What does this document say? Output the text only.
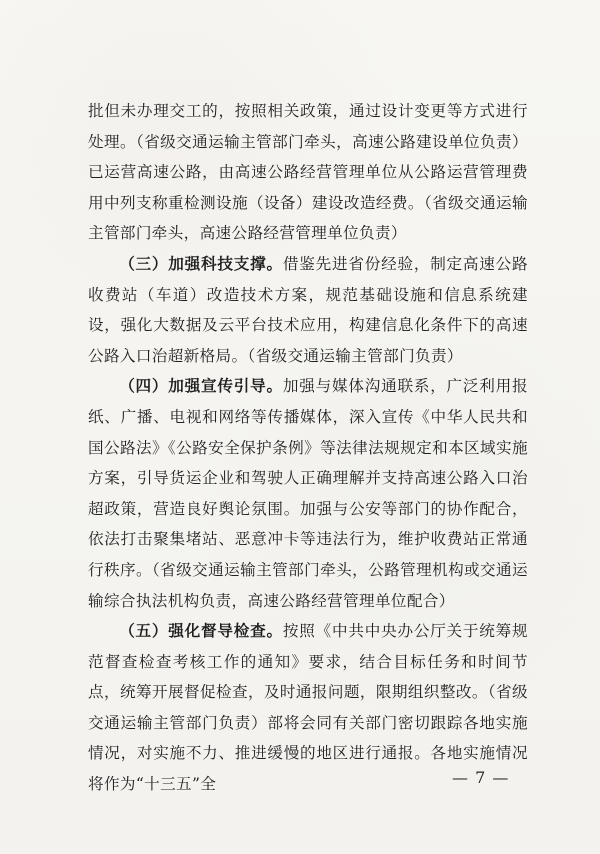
批但未办理交工的，按照相关政策，通过设计变更等方式进行处理。（省级交通运输主管部门牵头，高速公路建设单位负责）已运营高速公路，由高速公路经营管理单位从公路运营管理费用中列支称重检测设施（设备）建设改造经费。（省级交通运输主管部门牵头，高速公路经营管理单位负责）

（三）加强科技支撑。借鉴先进省份经验，制定高速公路收费站（车道）改造技术方案，规范基础设施和信息系统建设，强化大数据及云平台技术应用，构建信息化条件下的高速公路入口治超新格局。（省级交通运输主管部门负责）

（四）加强宣传引导。加强与媒体沟通联系，广泛利用报纸、广播、电视和网络等传播媒体，深入宣传《中华人民共和国公路法》《公路安全保护条例》等法律法规规定和本区域实施方案，引导货运企业和驾驶人正确理解并支持高速公路入口治超政策，营造良好舆论氛围。加强与公安等部门的协作配合，依法打击聚集堵站、恶意冲卡等违法行为，维护收费站正常通行秩序。（省级交通运输主管部门牵头，公路管理机构或交通运输综合执法机构负责，高速公路经营管理单位配合）

（五）强化督导检查。按照《中共中央办公厅关于统筹规范督查检查考核工作的通知》要求，结合目标任务和时间节点，统筹开展督促检查，及时通报问题，限期组织整改。（省级交通运输主管部门负责）部将会同有关部门密切跟踪各地实施情况，对实施不力、推进缓慢的地区进行通报。各地实施情况将作为“十三五”全	— 7 —
